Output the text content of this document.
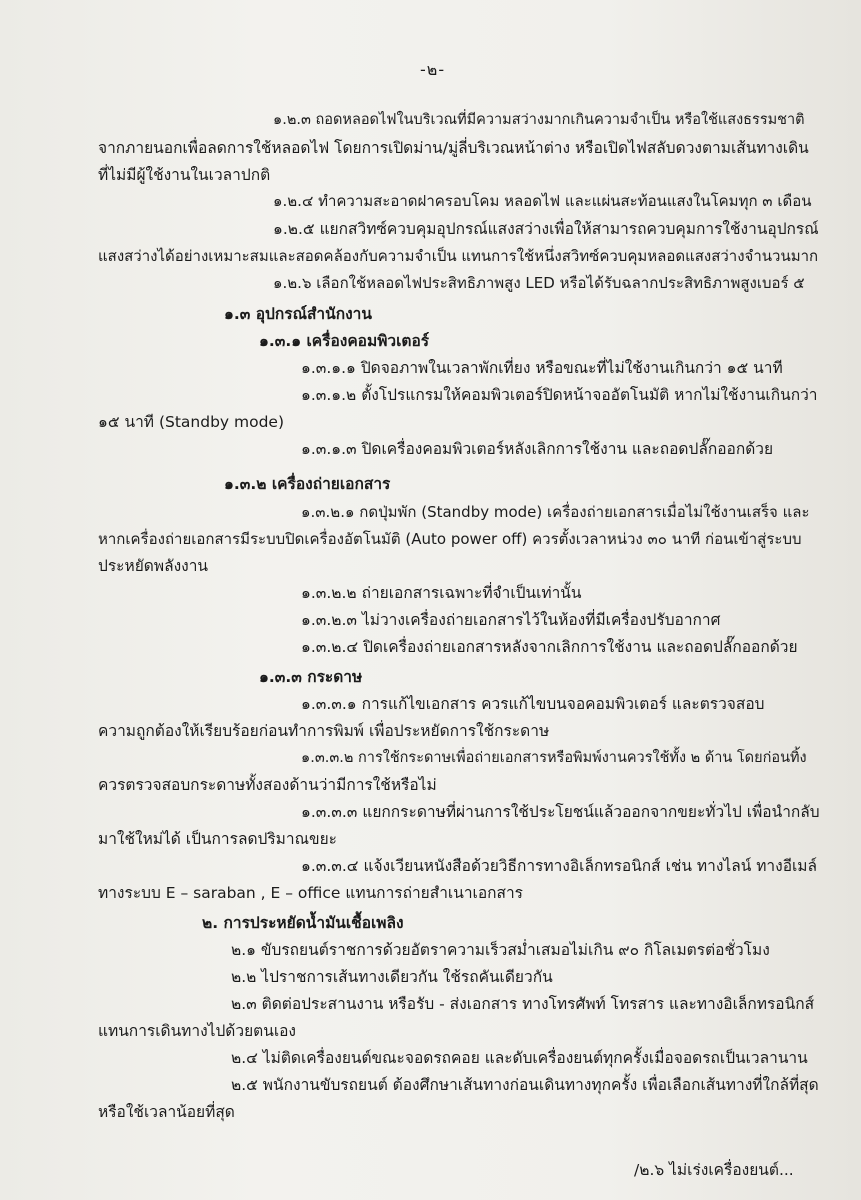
-๒-
๑.๒.๓ ถอดหลอดไฟในบริเวณที่มีความสว่างมากเกินความจำเป็น หรือใช้แสงธรรมชาติ
จากภายนอกเพื่อลดการใช้หลอดไฟ โดยการเปิดม่าน/มู่ลี่บริเวณหน้าต่าง หรือเปิดไฟสลับดวงตามเส้นทางเดิน
ที่ไม่มีผู้ใช้งานในเวลาปกติ
๑.๒.๔ ทำความสะอาดฝาครอบโคม หลอดไฟ และแผ่นสะท้อนแสงในโคมทุก ๓ เดือน
๑.๒.๕ แยกสวิทซ์ควบคุมอุปกรณ์แสงสว่างเพื่อให้สามารถควบคุมการใช้งานอุปกรณ์
แสงสว่างได้อย่างเหมาะสมและสอดคล้องกับความจำเป็น แทนการใช้หนึ่งสวิทซ์ควบคุมหลอดแสงสว่างจำนวนมาก
๑.๒.๖ เลือกใช้หลอดไฟประสิทธิภาพสูง LED หรือได้รับฉลากประสิทธิภาพสูงเบอร์ ๕
๑.๓ อุปกรณ์สำนักงาน
๑.๓.๑ เครื่องคอมพิวเตอร์
๑.๓.๑.๑ ปิดจอภาพในเวลาพักเที่ยง หรือขณะที่ไม่ใช้งานเกินกว่า ๑๕ นาที
๑.๓.๑.๒ ตั้งโปรแกรมให้คอมพิวเตอร์ปิดหน้าจออัตโนมัติ หากไม่ใช้งานเกินกว่า
๑๕ นาที (Standby mode)
๑.๓.๑.๓ ปิดเครื่องคอมพิวเตอร์หลังเลิกการใช้งาน และถอดปลั๊กออกด้วย
๑.๓.๒ เครื่องถ่ายเอกสาร
๑.๓.๒.๑ กดปุ่มพัก (Standby mode) เครื่องถ่ายเอกสารเมื่อไม่ใช้งานเสร็จ และ
หากเครื่องถ่ายเอกสารมีระบบปิดเครื่องอัตโนมัติ (Auto power off) ควรตั้งเวลาหน่วง ๓๐ นาที ก่อนเข้าสู่ระบบ
ประหยัดพลังงาน
๑.๓.๒.๒ ถ่ายเอกสารเฉพาะที่จำเป็นเท่านั้น
๑.๓.๒.๓ ไม่วางเครื่องถ่ายเอกสารไว้ในห้องที่มีเครื่องปรับอากาศ
๑.๓.๒.๔ ปิดเครื่องถ่ายเอกสารหลังจากเลิกการใช้งาน และถอดปลั๊กออกด้วย
๑.๓.๓ กระดาษ
๑.๓.๓.๑ การแก้ไขเอกสาร ควรแก้ไขบนจอคอมพิวเตอร์ และตรวจสอบ
ความถูกต้องให้เรียบร้อยก่อนทำการพิมพ์ เพื่อประหยัดการใช้กระดาษ
๑.๓.๓.๒ การใช้กระดาษเพื่อถ่ายเอกสารหรือพิมพ์งานควรใช้ทั้ง ๒ ด้าน โดยก่อนทิ้ง
ควรตรวจสอบกระดาษทั้งสองด้านว่ามีการใช้หรือไม่
๑.๓.๓.๓ แยกกระดาษที่ผ่านการใช้ประโยชน์แล้วออกจากขยะทั่วไป เพื่อนำกลับ
มาใช้ใหม่ได้ เป็นการลดปริมาณขยะ
๑.๓.๓.๔ แจ้งเวียนหนังสือด้วยวิธีการทางอิเล็กทรอนิกส์ เช่น ทางไลน์ ทางอีเมล์
ทางระบบ E – saraban , E – office แทนการถ่ายสำเนาเอกสาร
๒. การประหยัดน้ำมันเชื้อเพลิง
๒.๑ ขับรถยนต์ราชการด้วยอัตราความเร็วสม่ำเสมอไม่เกิน ๙๐ กิโลเมตรต่อชั่วโมง
๒.๒ ไปราชการเส้นทางเดียวกัน ใช้รถคันเดียวกัน
๒.๓ ติดต่อประสานงาน หรือรับ - ส่งเอกสาร ทางโทรศัพท์ โทรสาร และทางอิเล็กทรอนิกส์
แทนการเดินทางไปด้วยตนเอง
๒.๔ ไม่ติดเครื่องยนต์ขณะจอดรถคอย และดับเครื่องยนต์ทุกครั้งเมื่อจอดรถเป็นเวลานาน
๒.๕ พนักงานขับรถยนต์ ต้องศึกษาเส้นทางก่อนเดินทางทุกครั้ง เพื่อเลือกเส้นทางที่ใกล้ที่สุด
หรือใช้เวลาน้อยที่สุด
/๒.๖ ไม่เร่งเครื่องยนต์...
